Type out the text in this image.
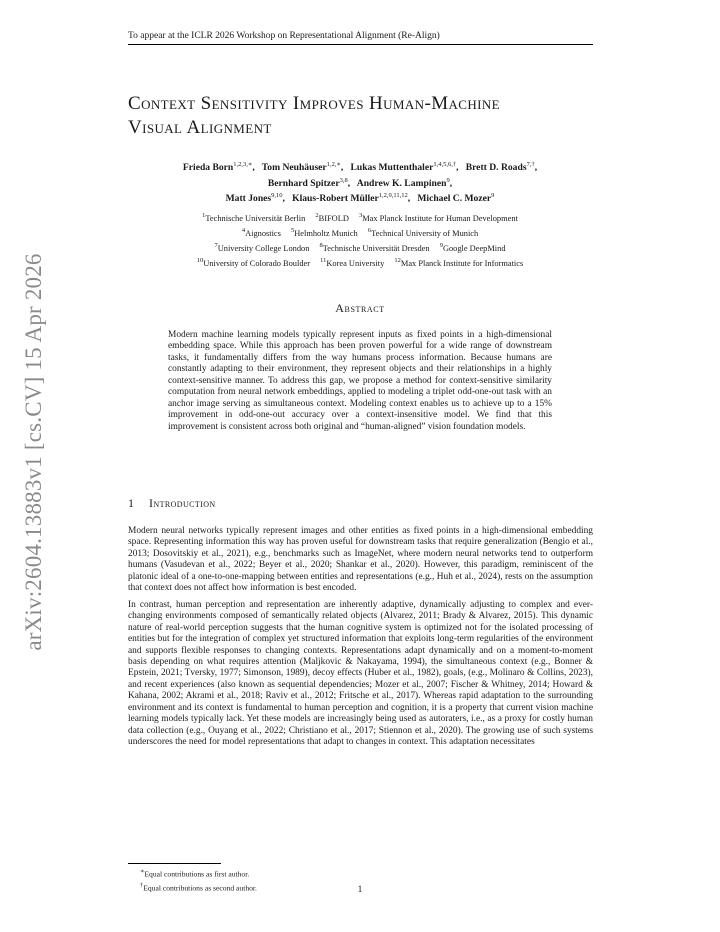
arXiv:2604.13883v1 [cs.CV] 15 Apr 2026
To appear at the ICLR 2026 Workshop on Representational Alignment (Re-Align)
Context Sensitivity Improves Human-Machine
Visual Alignment
Frieda Born$^{1,2,3,∗}$,   Tom Neuhäuser$^{1,2,∗}$,   Lukas Muttenthaler$^{1,4,5,6,\dagger}$,   Brett D. Roads$^{7,\dagger}$,
Bernhard Spitzer$^{3,8}$,   Andrew K. Lampinen$^9$,
Matt Jones$^{9,10}$,   Klaus-Robert Müller$^{1,2,9,11,12}$,   Michael C. Mozer$^9$
$^1$Technische Universität Berlin $^2$BIFOLD $^3$Max Planck Institute for Human Development
$^4$Aignostics $^5$Helmholtz Munich $^6$Technical University of Munich
$^7$University College London $^8$Technische Universität Dresden $^9$Google DeepMind
$^{10}$University of Colorado Boulder $^{11}$Korea University $^{12}$Max Planck Institute for Informatics
Abstract
Modern machine learning models typically represent inputs as fixed points in a high-dimensional embedding space. While this approach has been proven powerful for a wide range of downstream tasks, it fundamentally differs from the way humans process information. Because humans are constantly adapting to their environment, they represent objects and their relationships in a highly context-sensitive manner. To address this gap, we propose a method for context-sensitive similarity computation from neural network embeddings, applied to modeling a triplet odd-one-out task with an anchor image serving as simultaneous context. Modeling context enables us to achieve up to a 15% improvement in odd-one-out accuracy over a context-insensitive model. We find that this improvement is consistent across both original and “human-aligned” vision foundation models.
1 Introduction

Modern neural networks typically represent images and other entities as fixed points in a high-dimensional embedding space. Representing information this way has proven useful for downstream tasks that require generalization (Bengio et al., 2013; Dosovitskiy et al., 2021), e.g., benchmarks such as ImageNet, where modern neural networks tend to outperform humans (Vasudevan et al., 2022; Beyer et al., 2020; Shankar et al., 2020). However, this paradigm, reminiscent of the platonic ideal of a one-to-one-mapping between entities and representations (e.g., Huh et al., 2024), rests on the assumption that context does not affect how information is best encoded.

In contrast, human perception and representation are inherently adaptive, dynamically adjusting to complex and ever-changing environments composed of semantically related objects (Alvarez, 2011; Brady & Alvarez, 2015). This dynamic nature of real-world perception suggests that the human cognitive system is optimized not for the isolated processing of entities but for the integration of complex yet structured information that exploits long-term regularities of the environment and supports flexible responses to changing contexts. Representations adapt dynamically and on a moment-to-moment basis depending on what requires attention (Maljkovic & Nakayama, 1994), the simultaneous context (e.g., Bonner & Epstein, 2021; Tversky, 1977; Simonson, 1989), decoy effects (Huber et al., 1982), goals, (e.g., Molinaro & Collins, 2023), and recent experiences (also known as sequential dependencies; Mozer et al., 2007; Fischer & Whitney, 2014; Howard & Kahana, 2002; Akrami et al., 2018; Raviv et al., 2012; Fritsche et al., 2017). Whereas rapid adaptation to the surrounding environment and its context is fundamental to human perception and cognition, it is a property that current vision machine learning models typically lack. Yet these models are increasingly being used as autoraters, i.e., as a proxy for costly human data collection (e.g., Ouyang et al., 2022; Christiano et al., 2017; Stiennon et al., 2020). The growing use of such systems underscores the need for model representations that adapt to changes in context. This adaptation necessitates

∗Equal contributions as first author.
†Equal contributions as second author.	1
